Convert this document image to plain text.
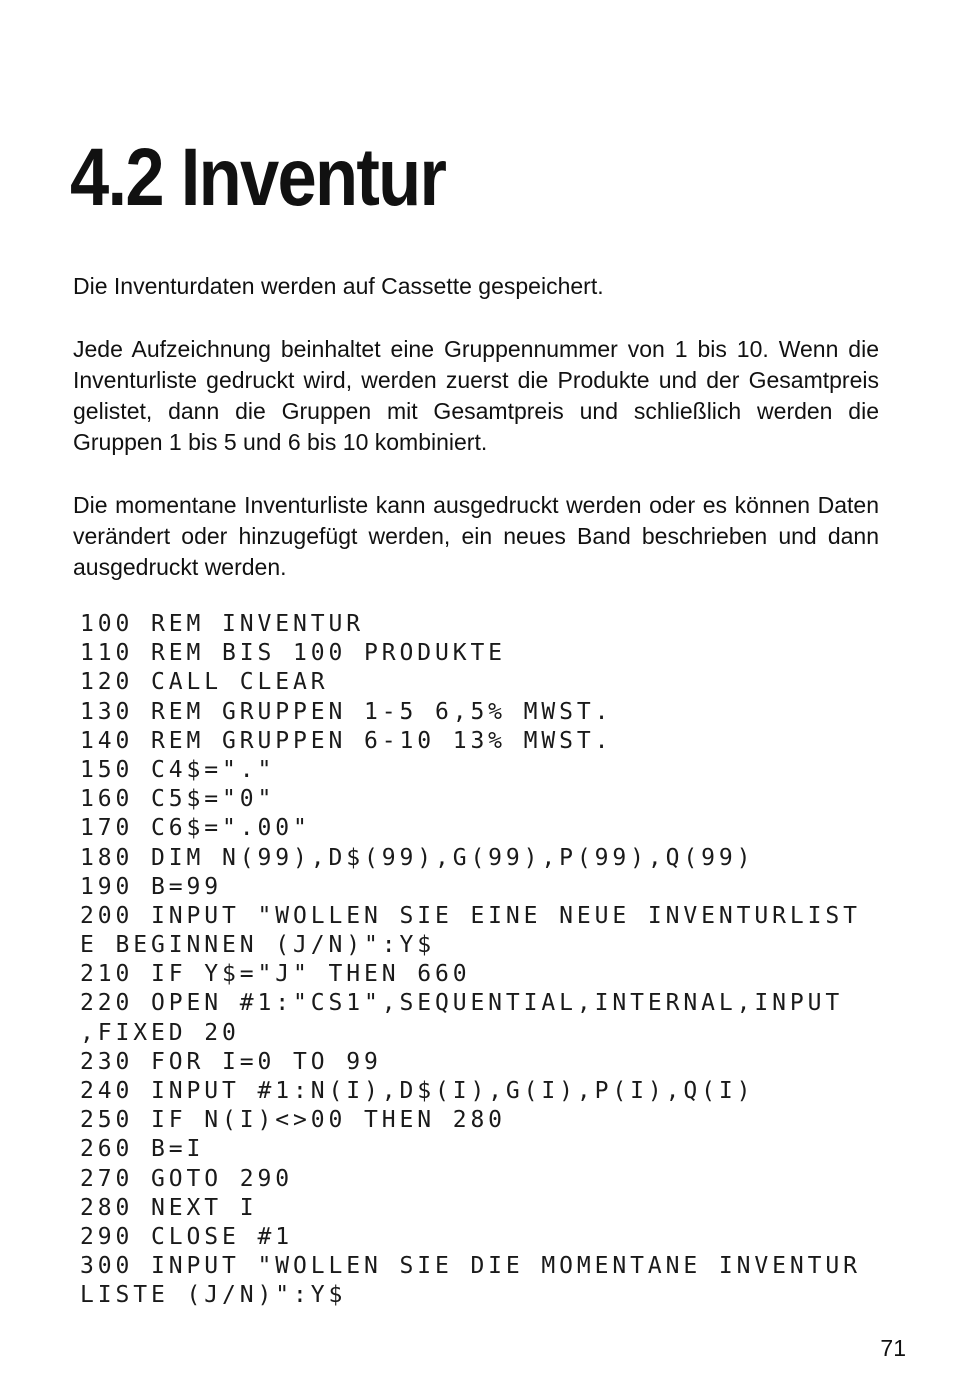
4.2 Inventur

Die Inventurdaten werden auf Cassette gespeichert.

Jede Aufzeichnung beinhaltet eine Gruppennummer von 1 bis 10. Wenn die Inventurliste gedruckt wird, werden zuerst die Produkte und der Gesamtpreis gelistet, dann die Gruppen mit Gesamtpreis und schließlich werden die Gruppen 1 bis 5 und 6 bis 10 kombiniert.

Die momentane Inventurliste kann ausgedruckt werden oder es können Daten verändert oder hinzugefügt werden, ein neues Band beschrieben und dann ausgedruckt werden.

100 REM INVENTUR
110 REM BIS 100 PRODUKTE
120 CALL CLEAR
130 REM GRUPPEN 1-5 6,5% MWST.
140 REM GRUPPEN 6-10 13% MWST.
150 C4$="."
160 C5$="0"
170 C6$=".00"
180 DIM N(99),D$(99),G(99),P(99),Q(99)
190 B=99
200 INPUT "WOLLEN SIE EINE NEUE INVENTURLIST
E BEGINNEN (J/N)":Y$
210 IF Y$="J" THEN 660
220 OPEN #1:"CS1",SEQUENTIAL,INTERNAL,INPUT
,FIXED 20
230 FOR I=0 TO 99
240 INPUT #1:N(I),D$(I),G(I),P(I),Q(I)
250 IF N(I)<>00 THEN 280
260 B=I
270 GOTO 290
280 NEXT I
290 CLOSE #1
300 INPUT "WOLLEN SIE DIE MOMENTANE INVENTUR
LISTE (J/N)":Y$
71
